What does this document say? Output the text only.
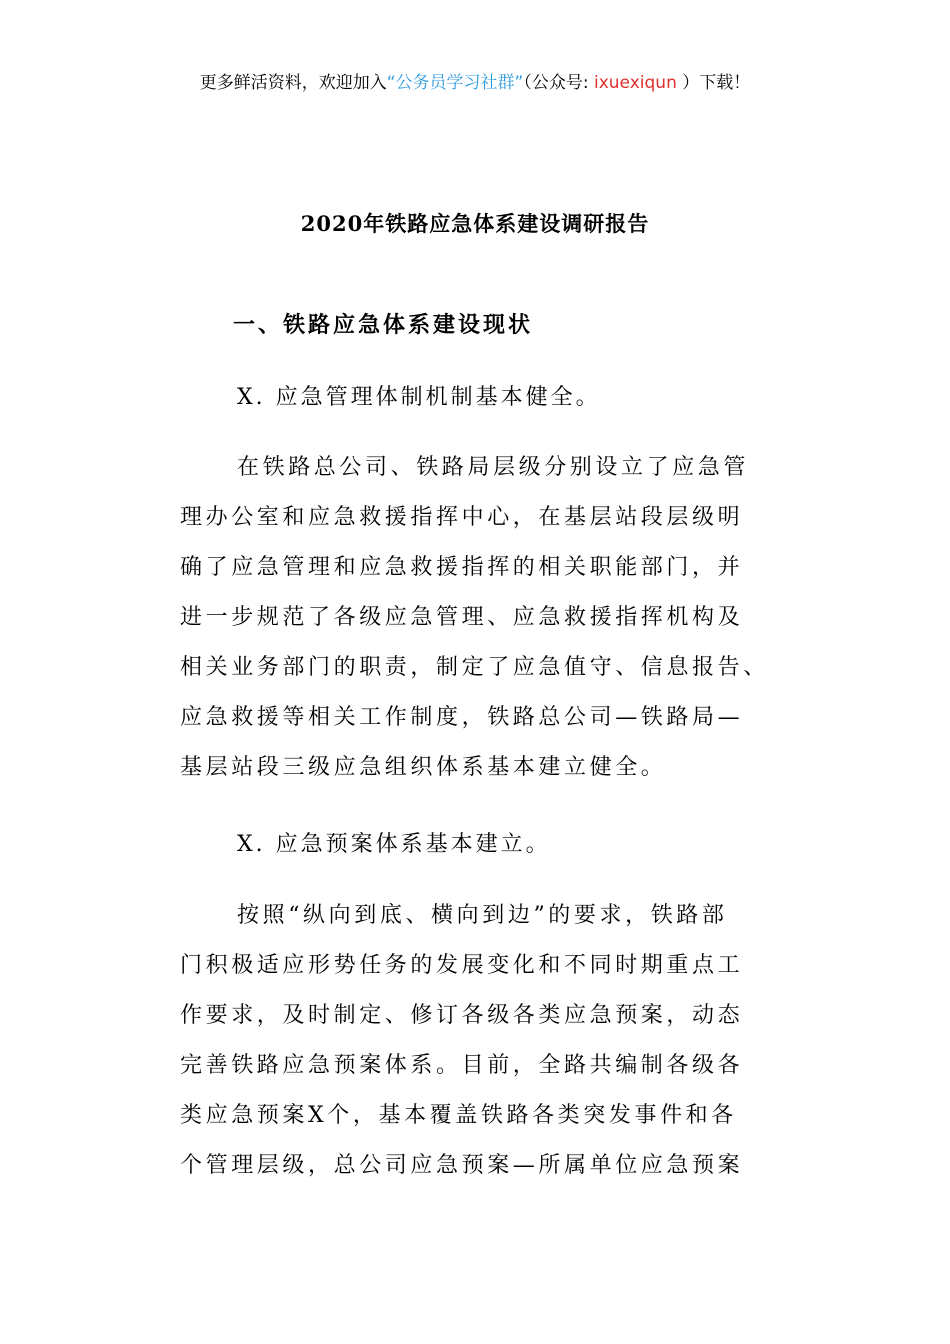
更多鲜活资料，欢迎加入“公务员学习社群”（公众号: ixuexiqun ）下载！
2020年铁路应急体系建设调研报告
一、铁路应急体系建设现状
X. 应急管理体制机制基本健全。
在铁路总公司、铁路局层级分别设立了应急管
理办公室和应急救援指挥中心，在基层站段层级明
确了应急管理和应急救援指挥的相关职能部门，并
进一步规范了各级应急管理、应急救援指挥机构及
相关业务部门的职责，制定了应急值守、信息报告、
应急救援等相关工作制度，铁路总公司—铁路局—
基层站段三级应急组织体系基本建立健全。
X. 应急预案体系基本建立。
按照“纵向到底、横向到边”的要求，铁路部
门积极适应形势任务的发展变化和不同时期重点工
作要求，及时制定、修订各级各类应急预案，动态
完善铁路应急预案体系。目前，全路共编制各级各
类应急预案X个，基本覆盖铁路各类突发事件和各
个管理层级，总公司应急预案—所属单位应急预案
